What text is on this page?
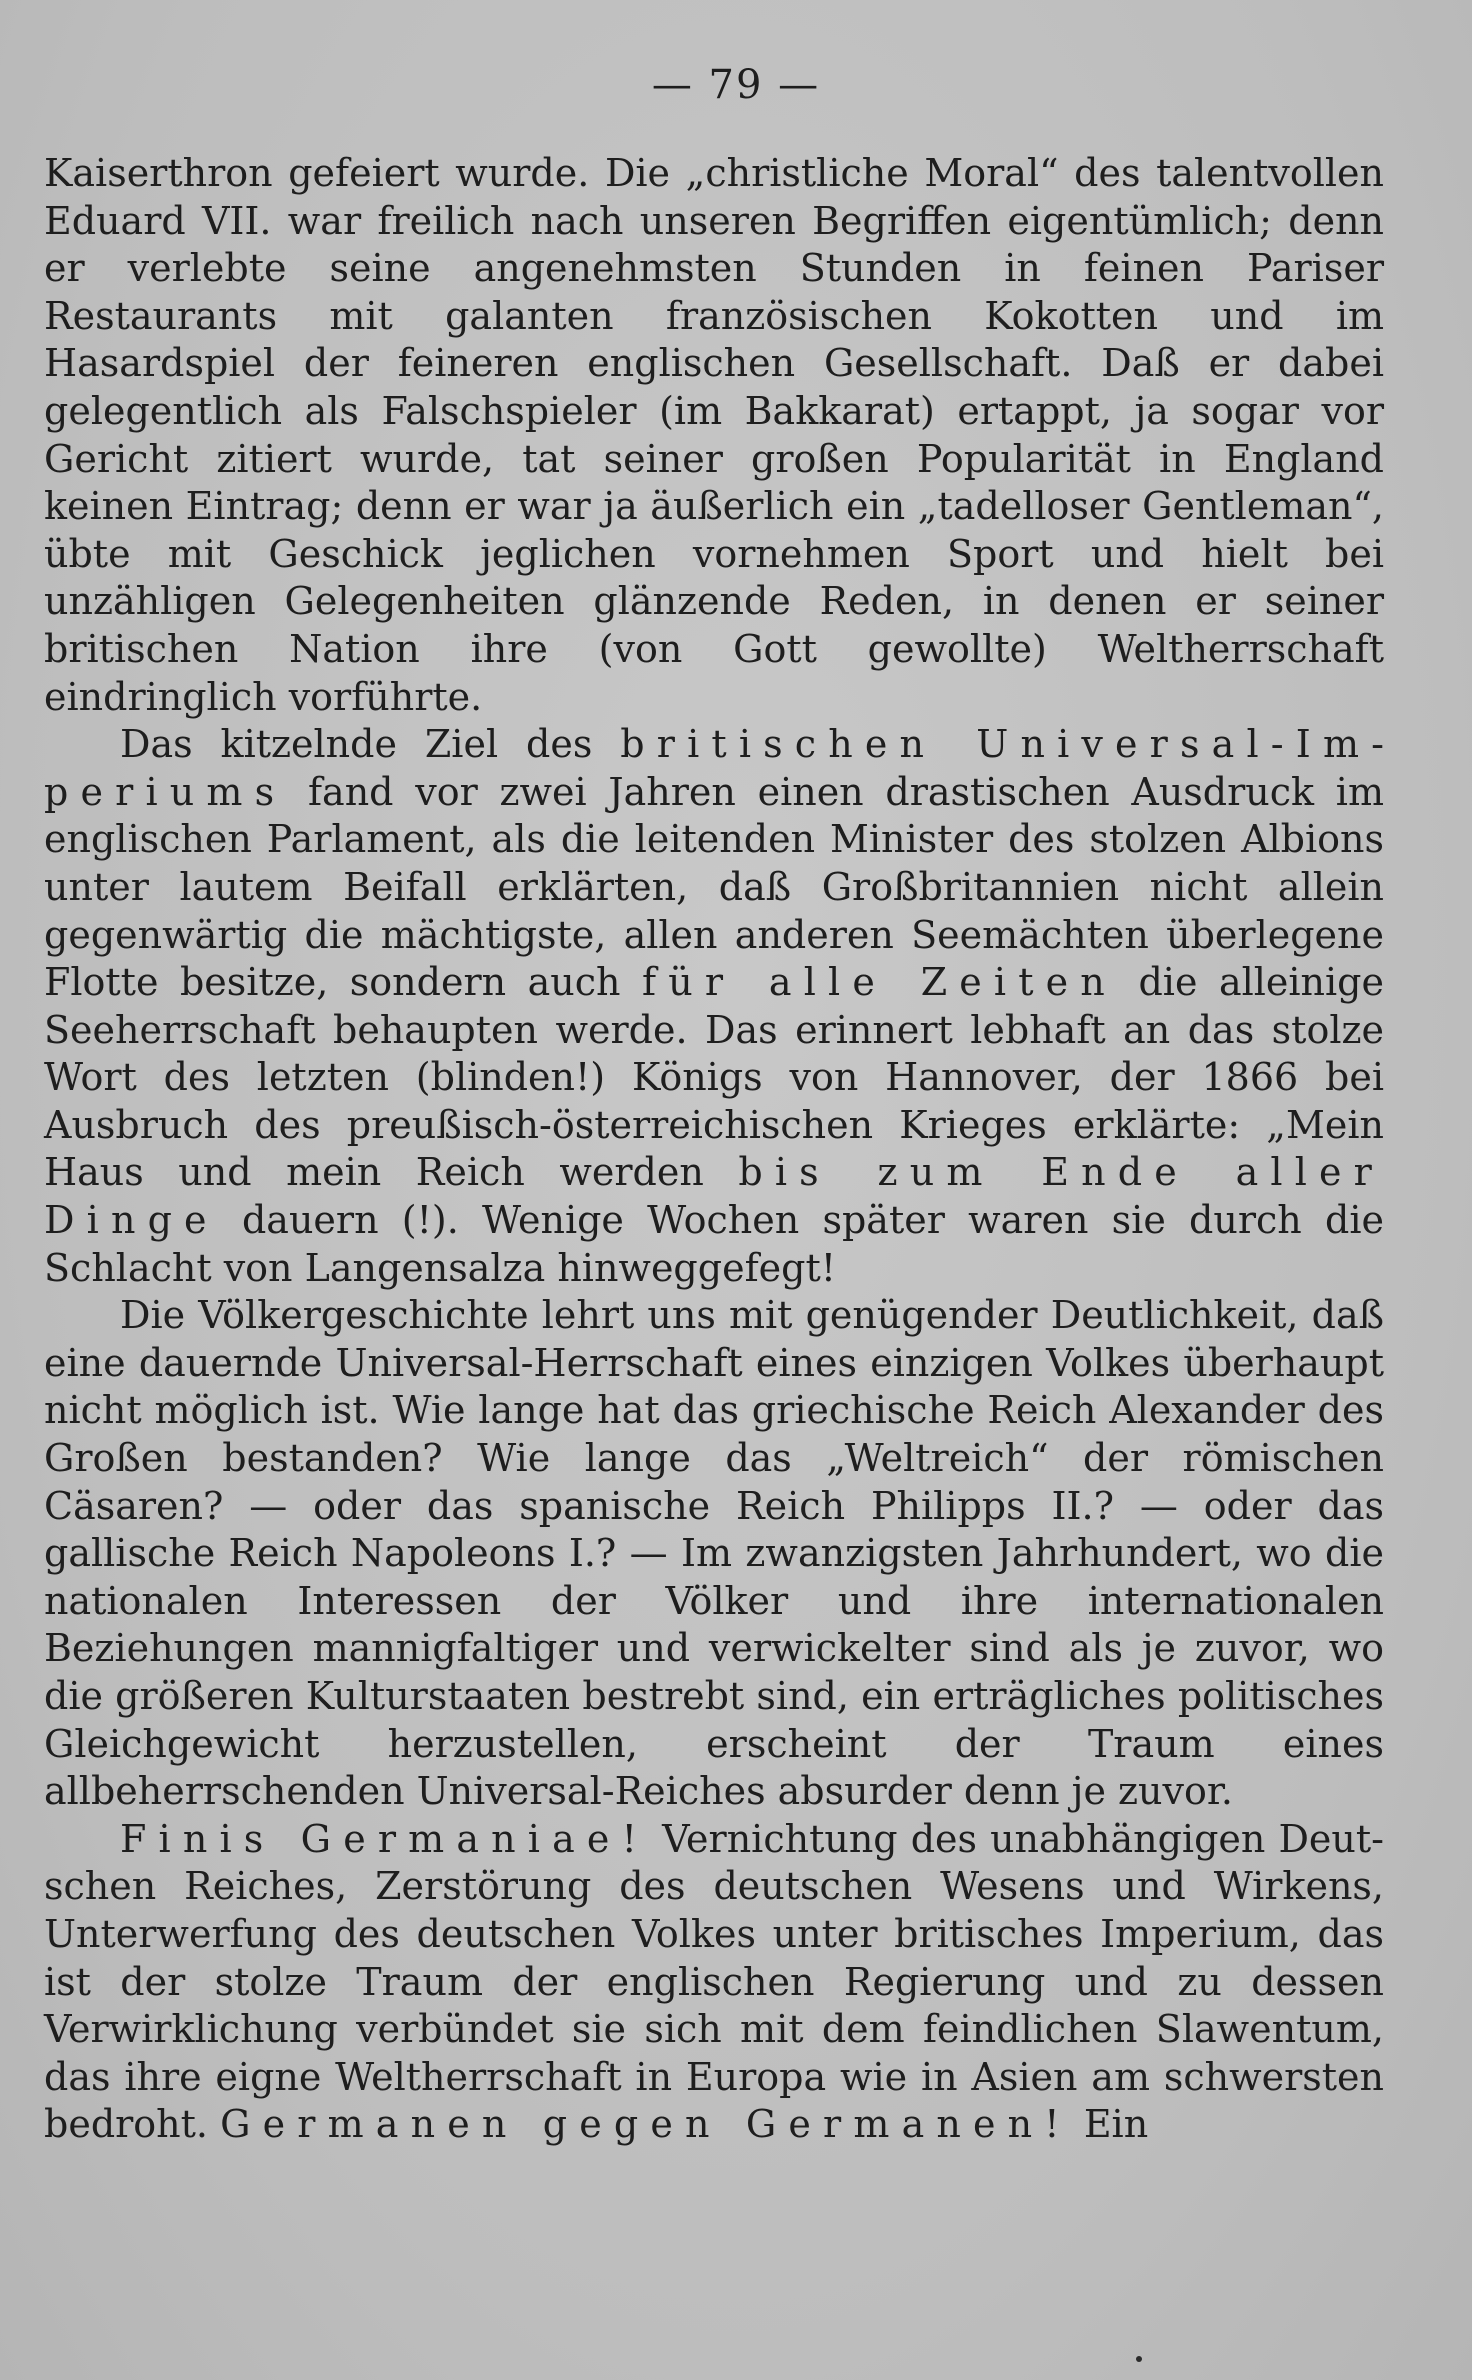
— 79 —

Kaiserthron gefeiert wurde. Die „christliche Moral“ des talentvollen Eduard VII. war freilich nach unseren Begriffen eigentümlich; denn er verlebte seine angenehmsten Stunden in feinen Pariser Restaurants mit galanten französischen Kokotten und im Hasardspiel der feineren englischen Gesellschaft. Daß er dabei gelegentlich als Falschspieler (im Bakkarat) ertappt, ja sogar vor Gericht zitiert wurde, tat seiner großen Popularität in England keinen Eintrag; denn er war ja äußerlich ein „tadelloser Gentleman“, übte mit Geschick jeglichen vornehmen Sport und hielt bei unzähligen Gelegenheiten glänzende Reden, in denen er seiner britischen Nation ihre (von Gott gewollte) Weltherrschaft eindringlich vorführte.

Das kitzelnde Ziel des britischen Universal-Imperiums fand vor zwei Jahren einen drastischen Ausdruck im englischen Parlament, als die leitenden Minister des stolzen Albions unter lautem Beifall erklärten, daß Großbritannien nicht allein gegenwärtig die mächtigste, allen anderen Seemächten überlegene Flotte besitze, sondern auch für alle Zeiten die alleinige Seeherrschaft behaupten werde. Das erinnert lebhaft an das stolze Wort des letzten (blinden!) Königs von Hannover, der 1866 bei Ausbruch des preußisch-österreichischen Krieges erklärte: „Mein Haus und mein Reich werden bis zum Ende aller Dinge dauern (!). Wenige Wochen später waren sie durch die Schlacht von Langensalza hinweggefegt!

Die Völkergeschichte lehrt uns mit genügender Deutlichkeit, daß eine dauernde Universal-Herrschaft eines einzigen Volkes überhaupt nicht möglich ist. Wie lange hat das griechische Reich Alexander des Großen bestanden? Wie lange das „Weltreich“ der römischen Cäsaren? — oder das spanische Reich Philipps II.? — oder das gallische Reich Napoleons I.? — Im zwanzigsten Jahrhundert, wo die nationalen Interessen der Völker und ihre internationalen Beziehungen mannigfaltiger und verwickelter sind als je zuvor, wo die größeren Kulturstaaten bestrebt sind, ein erträgliches politisches Gleichgewicht herzustellen, erscheint der Traum eines allbeherrschenden Universal-Reiches absurder denn je zuvor.

Finis Germaniae! Vernichtung des unabhängigen Deutschen Reiches, Zerstörung des deutschen Wesens und Wirkens, Unterwerfung des deutschen Volkes unter britisches Imperium, das ist der stolze Traum der englischen Regierung und zu dessen Verwirklichung verbündet sie sich mit dem feindlichen Slawentum, das ihre eigne Weltherrschaft in Europa wie in Asien am schwersten bedroht. Germanen gegen Germanen! Ein
